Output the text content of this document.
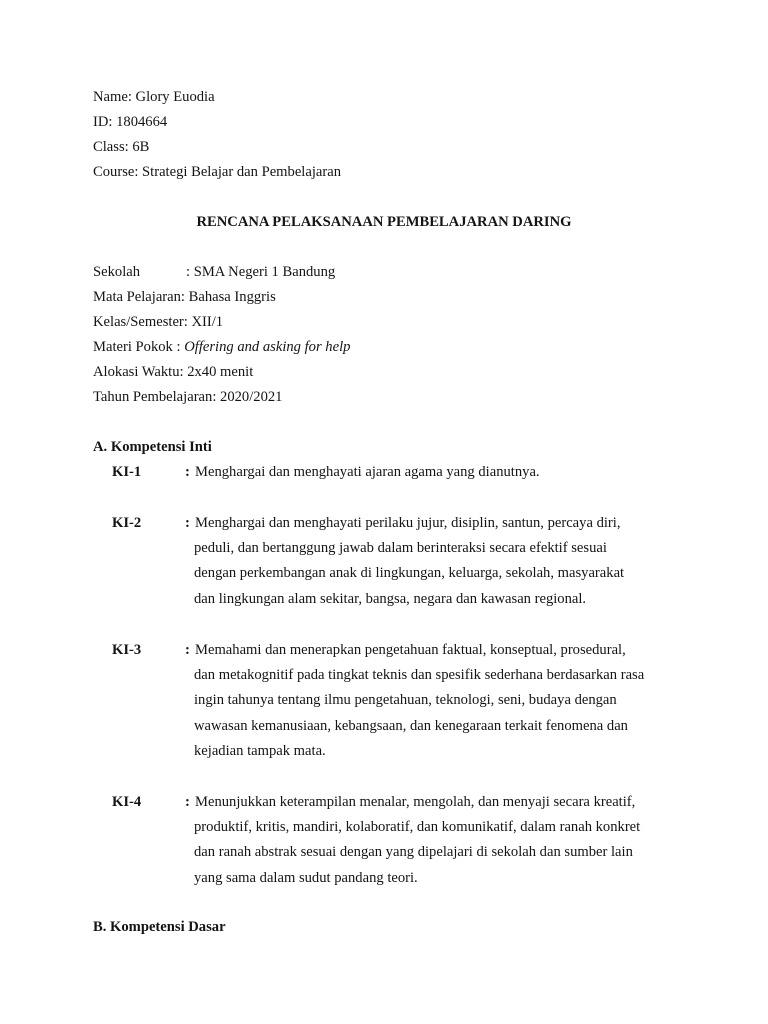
Name: Glory Euodia
ID: 1804664
Class: 6B
Course: Strategi Belajar dan Pembelajaran
RENCANA PELAKSANAAN PEMBELAJARAN DARING
Sekolah	: SMA Negeri 1 Bandung
Mata Pelajaran: Bahasa Inggris
Kelas/Semester: XII/1
Materi Pokok : Offering and asking for help
Alokasi Waktu: 2x40 menit
Tahun Pembelajaran: 2020/2021
A. Kompetensi Inti
KI-1	: Menghargai dan menghayati ajaran agama yang dianutnya.
KI-2	: Menghargai dan menghayati perilaku jujur, disiplin, santun, percaya diri,
peduli, dan bertanggung jawab dalam berinteraksi secara efektif sesuai
dengan perkembangan anak di lingkungan, keluarga, sekolah, masyarakat
dan lingkungan alam sekitar, bangsa, negara dan kawasan regional.
KI-3	: Memahami dan menerapkan pengetahuan faktual, konseptual, prosedural,
dan metakognitif pada tingkat teknis dan spesifik sederhana berdasarkan rasa
ingin tahunya tentang ilmu pengetahuan, teknologi, seni, budaya dengan
wawasan kemanusiaan, kebangsaan, dan kenegaraan terkait fenomena dan
kejadian tampak mata.
KI-4	: Menunjukkan keterampilan menalar, mengolah, dan menyaji secara kreatif,
produktif, kritis, mandiri, kolaboratif, dan komunikatif, dalam ranah konkret
dan ranah abstrak sesuai dengan yang dipelajari di sekolah dan sumber lain
yang sama dalam sudut pandang teori.
B. Kompetensi Dasar
